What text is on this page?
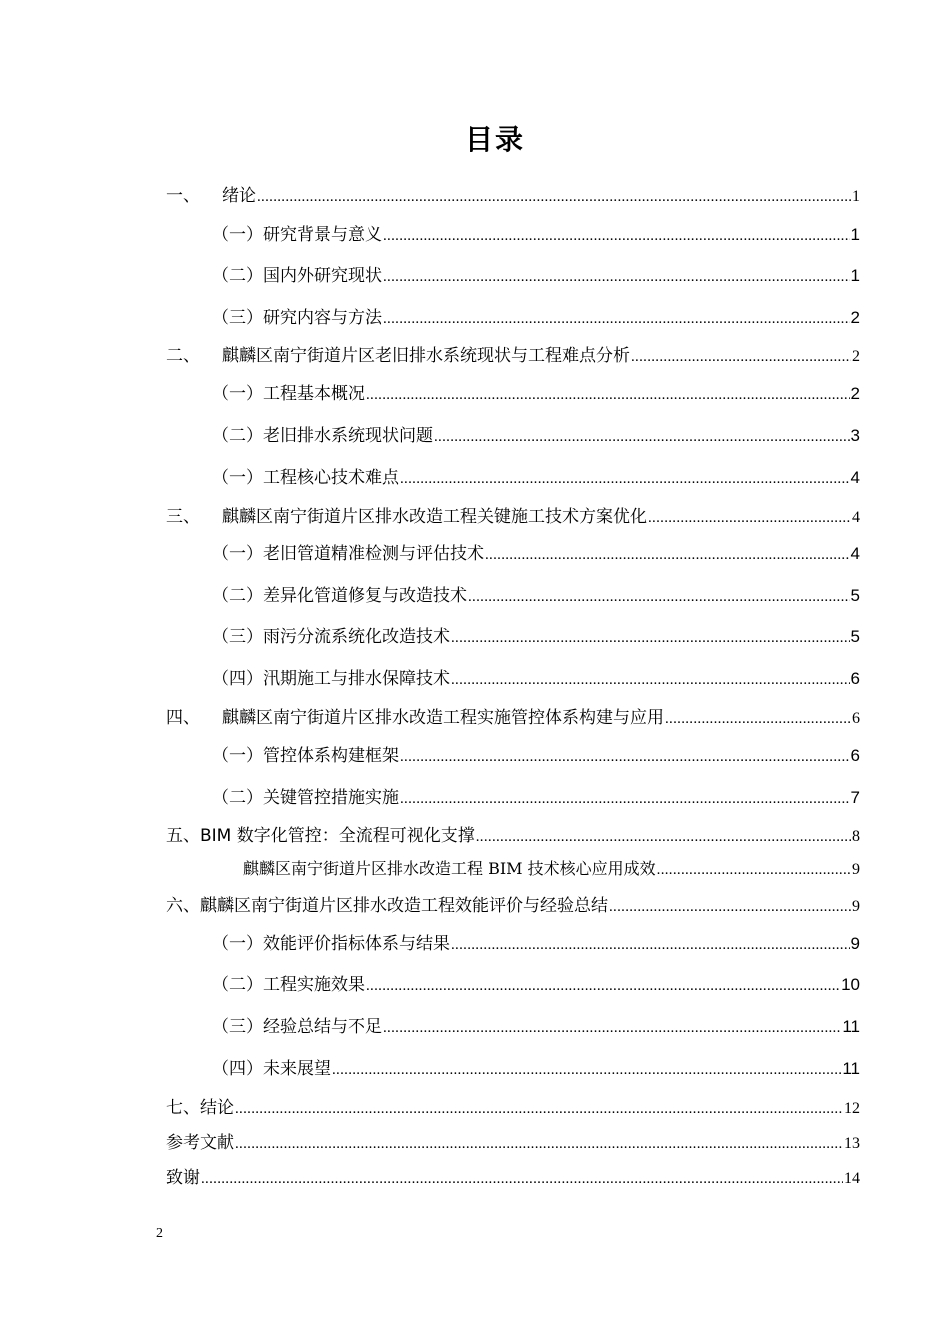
目录
一、 绪论 .....	1
（一）研究背景与意义 .....	1
（二）国内外研究现状 .....	1
（三）研究内容与方法 .....	2
二、 麒麟区南宁街道片区老旧排水系统现状与工程难点分析 .....	2
（一）工程基本概况 .....	2
（二）老旧排水系统现状问题 .....	3
（一）工程核心技术难点 .....	4
三、 麒麟区南宁街道片区排水改造工程关键施工技术方案优化 .....	4
（一）老旧管道精准检测与评估技术 .....	4
（二）差异化管道修复与改造技术 .....	5
（三）雨污分流系统化改造技术 .....	5
（四）汛期施工与排水保障技术 .....	6
四、 麒麟区南宁街道片区排水改造工程实施管控体系构建与应用 .....	6
（一）管控体系构建框架 .....	6
（二）关键管控措施实施 .....	7
五、BIM 数字化管控：全流程可视化支撑 .....	8
麒麟区南宁街道片区排水改造工程 BIM 技术核心应用成效 .....	9
六、麒麟区南宁街道片区排水改造工程效能评价与经验总结 .....	9
（一）效能评价指标体系与结果 .....	9
（二）工程实施效果 .....	10
（三）经验总结与不足 .....	11
（四）未来展望 .....	11
七、结论 .....	12
参考文献 .....	13
致谢 .....	14
2
